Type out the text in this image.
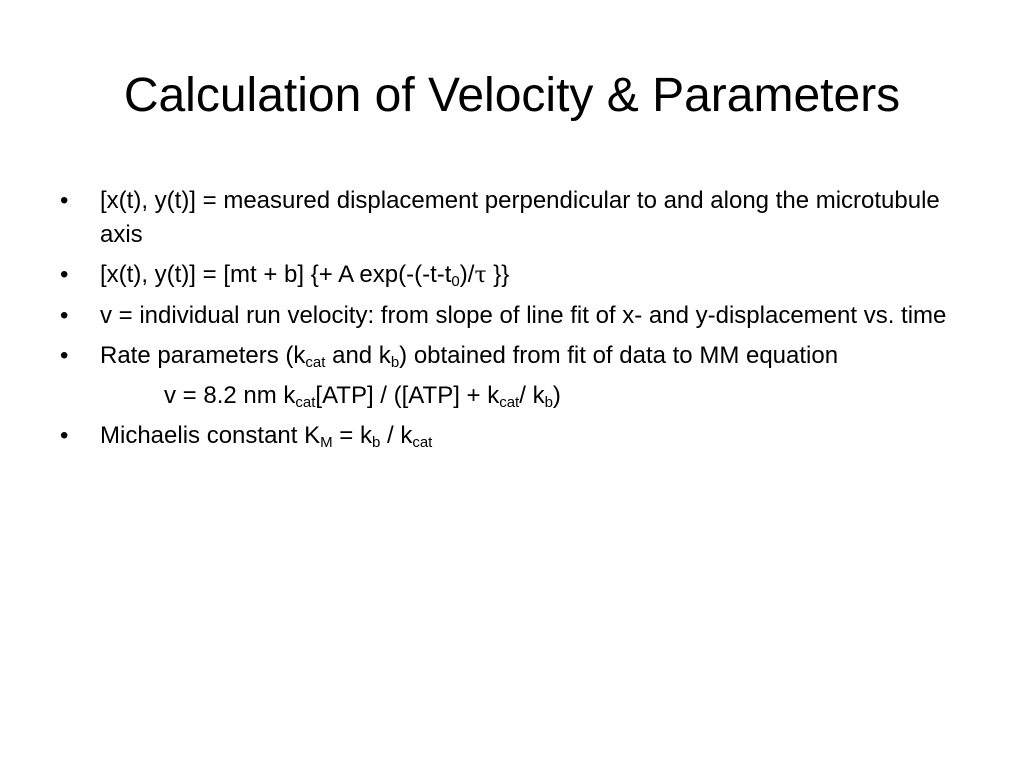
Calculation of Velocity & Parameters
•	[x(t), y(t)] = measured displacement perpendicular to and along the microtubule axis
•	[x(t), y(t)] = [mt + b] {+ A $\exp(-(-t-t_0)/\tau$ }}
•	v = individual run velocity: from slope of line fit of x- and y-displacement vs. time
•	Rate parameters ($k_{cat}$ and $k_b$) obtained from fit of data to MM equation
v = 8.2 nm $k_{cat}[ATP] / ([ATP] + k_{cat}/$ $k_b$)
•	Michaelis constant $K_M = k_b / k_{cat}$
